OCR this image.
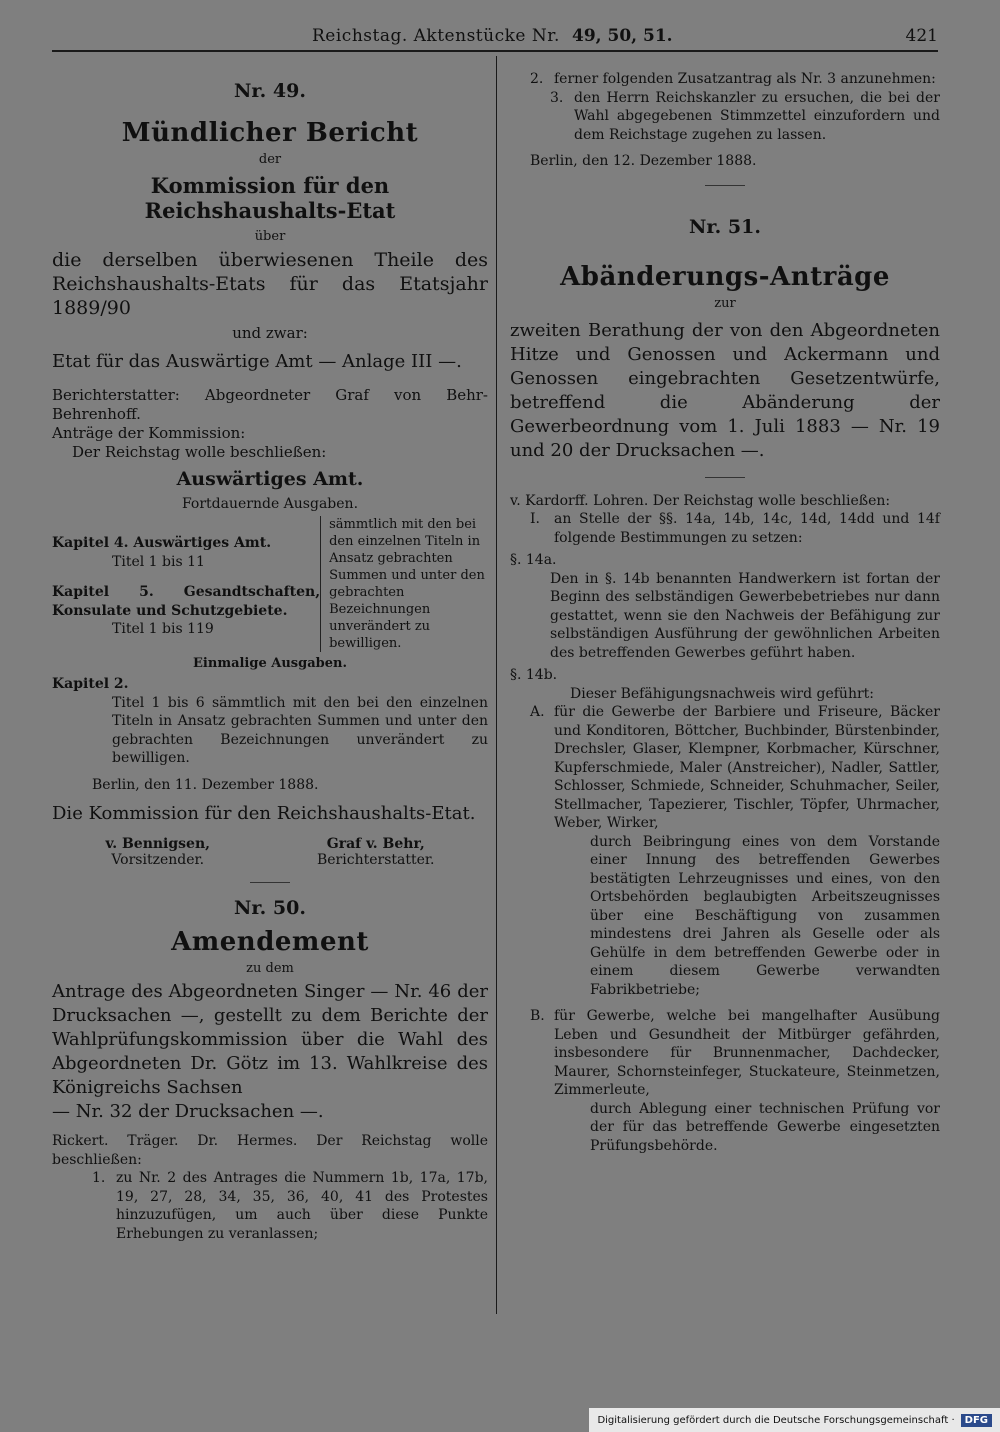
Reichstag. Aktenstücke Nr. 49, 50, 51.	421
Nr. 49.
Mündlicher Bericht
der
Kommission für den Reichshaushalts-Etat
über
die derselben überwiesenen Theile des Reichshaushalts-Etats für das Etatsjahr 1889/90
und zwar:
Etat für das Auswärtige Amt — Anlage III —.
Berichterstatter: Abgeordneter Graf von Behr-Behrenhoff.
Anträge der Kommission:
Der Reichstag wolle beschließen:
Auswärtiges Amt.
Fortdauernde Ausgaben.
Kapitel 4. Auswärtiges Amt.
Titel 1 bis 11
Kapitel 5. Gesandtschaften, Konsulate und Schutzgebiete.
Titel 1 bis 119
sämmtlich mit den bei den einzelnen Titeln in Ansatz gebrachten Summen und unter den gebrachten Bezeichnungen unverändert zu bewilligen.
Einmalige Ausgaben.
Kapitel 2.
Titel 1 bis 6 sämmtlich mit den bei den einzelnen Titeln in Ansatz gebrachten Summen und unter den gebrachten Bezeichnungen unverändert zu bewilligen.
Berlin, den 11. Dezember 1888.
Die Kommission für den Reichshaushalts-Etat.
v. Bennigsen,
Vorsitzender.
Graf v. Behr,
Berichterstatter.
Nr. 50.
Amendement
zu dem
Antrage des Abgeordneten Singer — Nr. 46 der Drucksachen —, gestellt zu dem Berichte der Wahlprüfungskommission über die Wahl des Abgeordneten Dr. Götz im 13. Wahlkreise des Königreichs Sachsen
— Nr. 32 der Drucksachen —.
Rickert. Träger. Dr. Hermes. Der Reichstag wolle beschließen:
1. zu Nr. 2 des Antrages die Nummern 1b, 17a, 17b, 19, 27, 28, 34, 35, 36, 40, 41 des Protestes hinzuzufügen, um auch über diese Punkte Erhebungen zu veranlassen;
2. ferner folgenden Zusatzantrag als Nr. 3 anzunehmen:
3. den Herrn Reichskanzler zu ersuchen, die bei der Wahl abgegebenen Stimmzettel einzufordern und dem Reichstage zugehen zu lassen.
Berlin, den 12. Dezember 1888.
Nr. 51.
Abänderungs-Anträge
zur
zweiten Berathung der von den Abgeordneten Hitze und Genossen und Ackermann und Genossen eingebrachten Gesetzentwürfe, betreffend die Abänderung der Gewerbeordnung vom 1. Juli 1883 — Nr. 19 und 20 der Drucksachen —.
v. Kardorff. Lohren. Der Reichstag wolle beschließen:
I.	an Stelle der §§. 14a, 14b, 14c, 14d, 14dd und 14f folgende Bestimmungen zu setzen:
§. 14a.
Den in §. 14b benannten Handwerkern ist fortan der Beginn des selbständigen Gewerbebetriebes nur dann gestattet, wenn sie den Nachweis der Befähigung zur selbständigen Ausführung der gewöhnlichen Arbeiten des betreffenden Gewerbes geführt haben.
§. 14b.
Dieser Befähigungsnachweis wird geführt:
A. für die Gewerbe der Barbiere und Friseure, Bäcker und Konditoren, Böttcher, Buchbinder, Bürstenbinder, Drechsler, Glaser, Klempner, Korbmacher, Kürschner, Kupferschmiede, Maler (Anstreicher), Nadler, Sattler, Schlosser, Schmiede, Schneider, Schuhmacher, Seiler, Stellmacher, Tapezierer, Tischler, Töpfer, Uhrmacher, Weber, Wirker,
durch Beibringung eines von dem Vorstande einer Innung des betreffenden Gewerbes bestätigten Lehrzeugnisses und eines, von den Ortsbehörden beglaubigten Arbeitszeugnisses über eine Beschäftigung von zusammen mindestens drei Jahren als Geselle oder als Gehülfe in dem betreffenden Gewerbe oder in einem diesem Gewerbe verwandten Fabrikbetriebe;
B. für Gewerbe, welche bei mangelhafter Ausübung Leben und Gesundheit der Mitbürger gefährden, insbesondere für Brunnenmacher, Dachdecker, Maurer, Schornsteinfeger, Stuckateure, Steinmetzen, Zimmerleute,
durch Ablegung einer technischen Prüfung vor der für das betreffende Gewerbe eingesetzten Prüfungsbehörde.
Digitalisierung gefördert durch die Deutsche Forschungsgemeinschaft ·	DFG
